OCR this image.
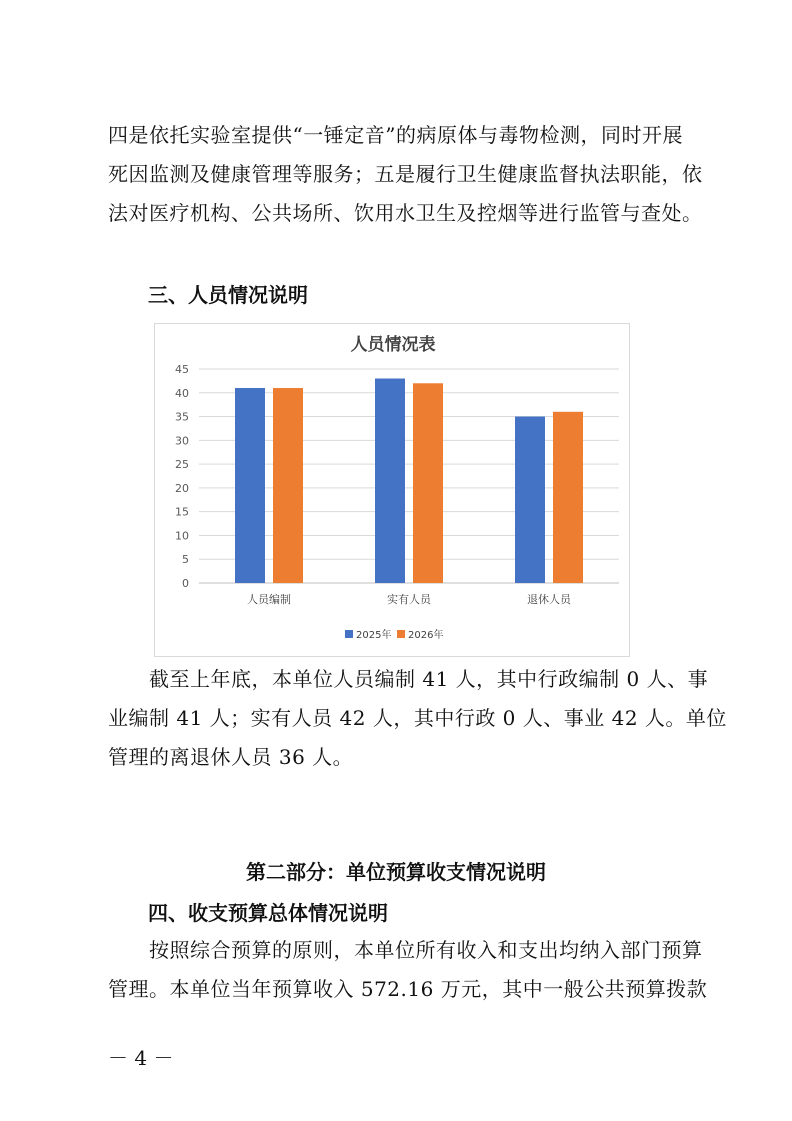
四是依托实验室提供“一锤定音”的病原体与毒物检测，同时开展
死因监测及健康管理等服务；五是履行卫生健康监督执法职能，依
法对医疗机构、公共场所、饮用水卫生及控烟等进行监管与查处。
三、人员情况说明
人员情况表
0
5
10
15
20
25
30
35
40
45
人员编制	实有人员	退休人员
2025年 2026年
截至上年底，本单位人员编制 41 人，其中行政编制 0 人、事
业编制 41 人；实有人员 42 人，其中行政 0 人、事业 42 人。单位
管理的离退休人员 36 人。
第二部分：单位预算收支情况说明
四、收支预算总体情况说明
按照综合预算的原则，本单位所有收入和支出均纳入部门预算
管理。本单位当年预算收入 572.16 万元，其中一般公共预算拨款
－ 4 －
